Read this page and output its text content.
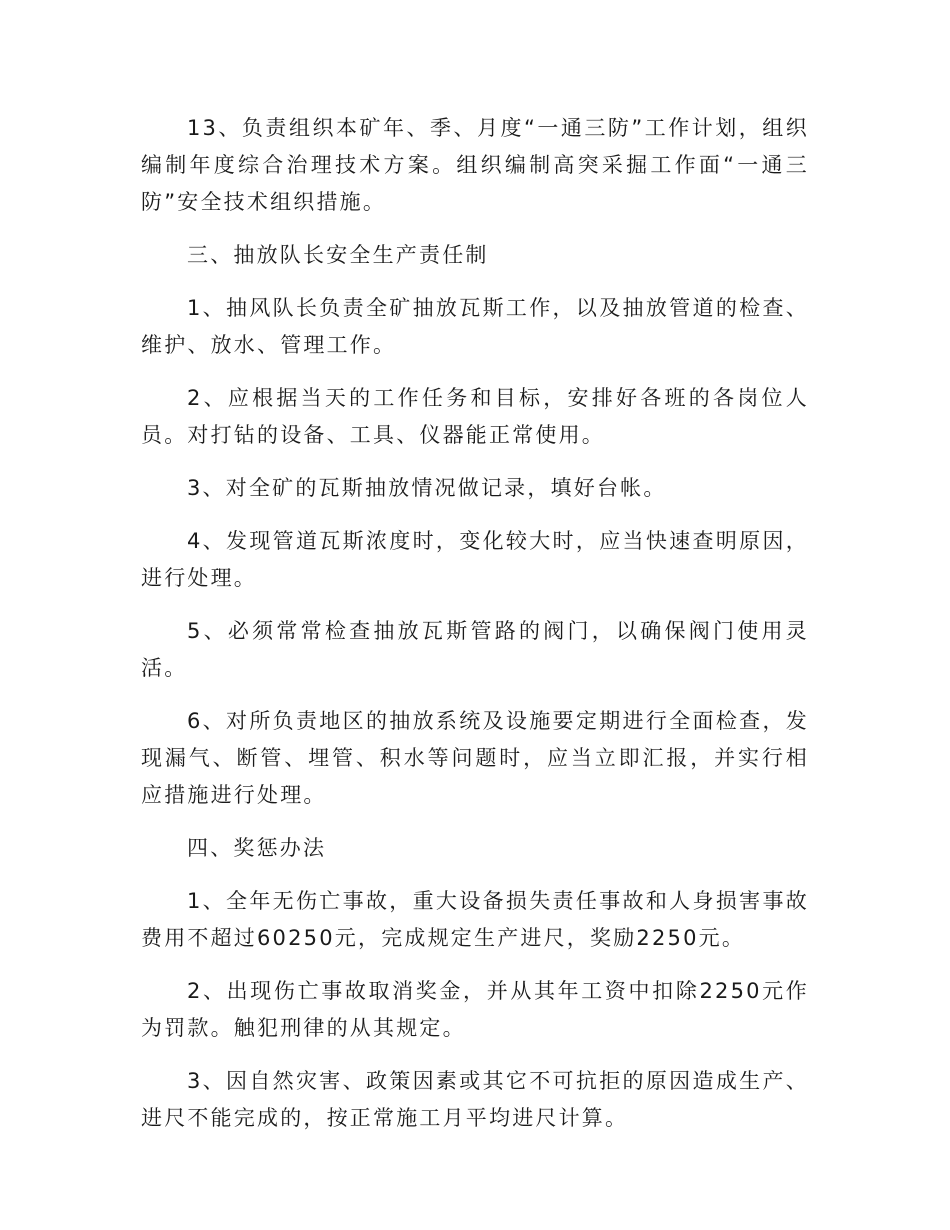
13、负责组织本矿年、季、月度“一通三防”工作计划，组织编制年度综合治理技术方案。组织编制高突采掘工作面“一通三防”安全技术组织措施。

三、抽放队长安全生产责任制

1、抽风队长负责全矿抽放瓦斯工作，以及抽放管道的检查、维护、放水、管理工作。

2、应根据当天的工作任务和目标，安排好各班的各岗位人员。对打钻的设备、工具、仪器能正常使用。

3、对全矿的瓦斯抽放情况做记录，填好台帐。

4、发现管道瓦斯浓度时，变化较大时，应当快速查明原因，进行处理。

5、必须常常检查抽放瓦斯管路的阀门，以确保阀门使用灵活。

6、对所负责地区的抽放系统及设施要定期进行全面检查，发现漏气、断管、埋管、积水等问题时，应当立即汇报，并实行相应措施进行处理。

四、奖惩办法

1、全年无伤亡事故，重大设备损失责任事故和人身损害事故费用不超过60250元，完成规定生产进尺，奖励2250元。

2、出现伤亡事故取消奖金，并从其年工资中扣除2250元作为罚款。触犯刑律的从其规定。

3、因自然灾害、政策因素或其它不可抗拒的原因造成生产、进尺不能完成的，按正常施工月平均进尺计算。
